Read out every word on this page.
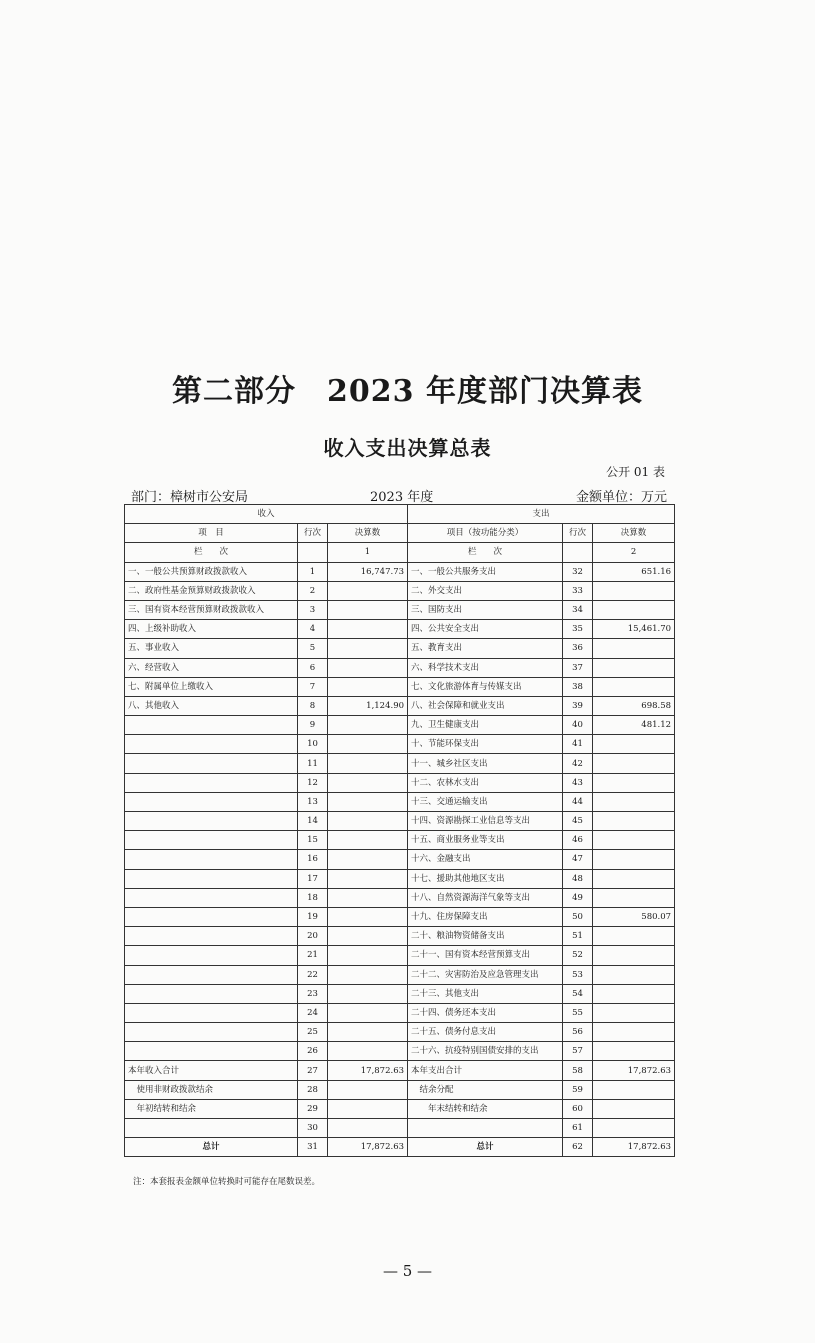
第二部分　2023 年度部门决算表
收入支出决算总表
公开 01 表
部门：樟树市公安局	2023 年度	金额单位：万元
收入			支出		
项　目	行次	决算数	项目（按功能分类）	行次	决算数
栏　　次		1	栏　　次		2
一、一般公共预算财政拨款收入	1	16,747.73	一、一般公共服务支出	32	651.16
二、政府性基金预算财政拨款收入	2		二、外交支出	33	
三、国有资本经营预算财政拨款收入	3		三、国防支出	34	
四、上级补助收入	4		四、公共安全支出	35	15,461.70
五、事业收入	5		五、教育支出	36	
六、经营收入	6		六、科学技术支出	37	
七、附属单位上缴收入	7		七、文化旅游体育与传媒支出	38	
八、其他收入	8	1,124.90	八、社会保障和就业支出	39	698.58
	9		九、卫生健康支出	40	481.12
	10		十、节能环保支出	41	
	11		十一、城乡社区支出	42	
	12		十二、农林水支出	43	
	13		十三、交通运输支出	44	
	14		十四、资源勘探工业信息等支出	45	
	15		十五、商业服务业等支出	46	
	16		十六、金融支出	47	
	17		十七、援助其他地区支出	48	
	18		十八、自然资源海洋气象等支出	49	
	19		十九、住房保障支出	50	580.07
	20		二十、粮油物资储备支出	51	
	21		二十一、国有资本经营预算支出	52	
	22		二十二、灾害防治及应急管理支出	53	
	23		二十三、其他支出	54	
	24		二十四、债务还本支出	55	
	25		二十五、债务付息支出	56	
	26		二十六、抗疫特别国债安排的支出	57	
本年收入合计	27	17,872.63	本年支出合计	58	17,872.63
　使用非财政拨款结余	28		　结余分配	59	
　年初结转和结余	29		　　年末结转和结余	60	
	30			61	
总计	31	17,872.63	总计	62	17,872.63
注：本套报表金额单位转换时可能存在尾数误差。
— 5 —
